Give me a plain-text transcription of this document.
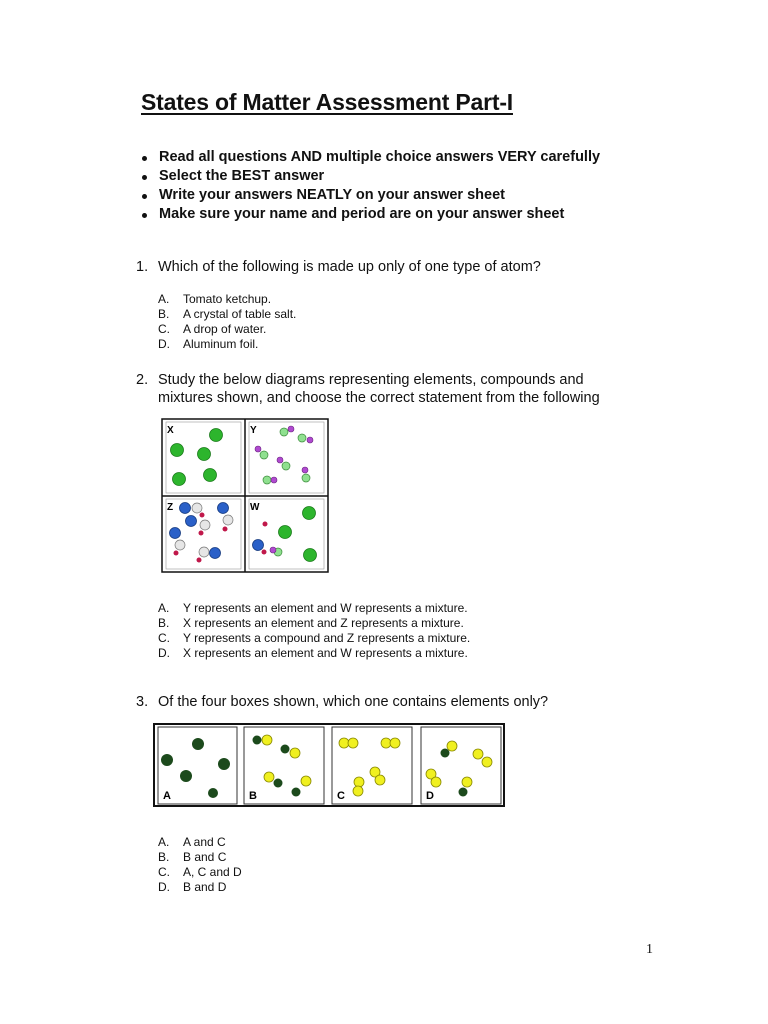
States of Matter Assessment Part-I
Read all questions AND multiple choice answers VERY carefully
Select the BEST answer
Write your answers NEATLY on your answer sheet
Make sure your name and period are on your answer sheet
1. Which of the following is made up only of one type of atom?
A. Tomato ketchup.
B. A crystal of table salt.
C. A drop of water.
D. Aluminum foil.
2. Study the below diagrams representing elements, compounds and
mixtures shown, and choose the correct statement from the following
X	Y
Z	W
A. Y represents an element and W represents a mixture.
B. X represents an element and Z represents a mixture.
C. Y represents a compound and Z represents a mixture.
D. X represents an element and W represents a mixture.
3. Of the four boxes shown, which one contains elements only?
A	B	C	D
A. A and C
B. B and C
C. A, C and D
D. B and D
1
